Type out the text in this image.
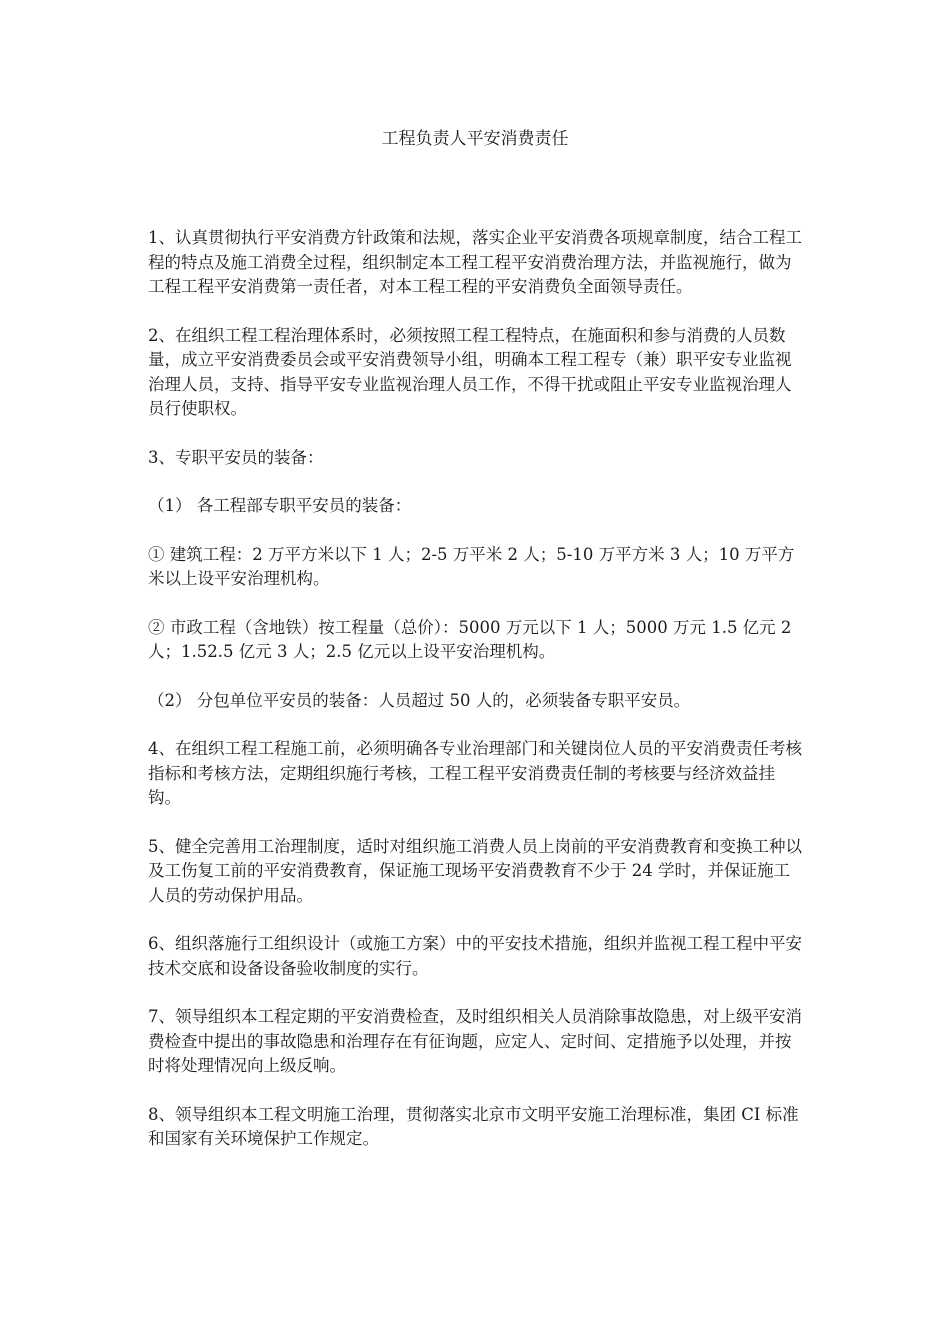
工程负责人平安消费责任

1、认真贯彻执行平安消费方针政策和法规，落实企业平安消费各项规章制度，结合工程工程的特点及施工消费全过程，组织制定本工程工程平安消费治理方法，并监视施行，做为工程工程平安消费第一责任者，对本工程工程的平安消费负全面领导责任。

2、在组织工程工程治理体系时，必须按照工程工程特点，在施面积和参与消费的人员数量，成立平安消费委员会或平安消费领导小组，明确本工程工程专（兼）职平安专业监视治理人员，支持、指导平安专业监视治理人员工作，不得干扰或阻止平安专业监视治理人员行使职权。

3、专职平安员的装备：

（1） 各工程部专职平安员的装备：

① 建筑工程：2 万平方米以下 1 人；2-5 万平米 2 人；5-10 万平方米 3 人；10 万平方米以上设平安治理机构。

② 市政工程（含地铁）按工程量（总价）：5000 万元以下 1 人；5000 万元 1.5 亿元 2 人；1.52.5 亿元 3 人；2.5 亿元以上设平安治理机构。

（2） 分包单位平安员的装备：人员超过 50 人的，必须装备专职平安员。

4、在组织工程工程施工前，必须明确各专业治理部门和关键岗位人员的平安消费责任考核指标和考核方法，定期组织施行考核，工程工程平安消费责任制的考核要与经济效益挂钩。

5、健全完善用工治理制度，适时对组织施工消费人员上岗前的平安消费教育和变换工种以及工伤复工前的平安消费教育，保证施工现场平安消费教育不少于 24 学时，并保证施工人员的劳动保护用品。

6、组织落施行工组织设计（或施工方案）中的平安技术措施，组织并监视工程工程中平安技术交底和设备设备验收制度的实行。

7、领导组织本工程定期的平安消费检查，及时组织相关人员消除事故隐患，对上级平安消费检查中提出的事故隐患和治理存在有征询题，应定人、定时间、定措施予以处理，并按时将处理情况向上级反响。

8、领导组织本工程文明施工治理，贯彻落实北京市文明平安施工治理标准，集团 CI 标准和国家有关环境保护工作规定。
